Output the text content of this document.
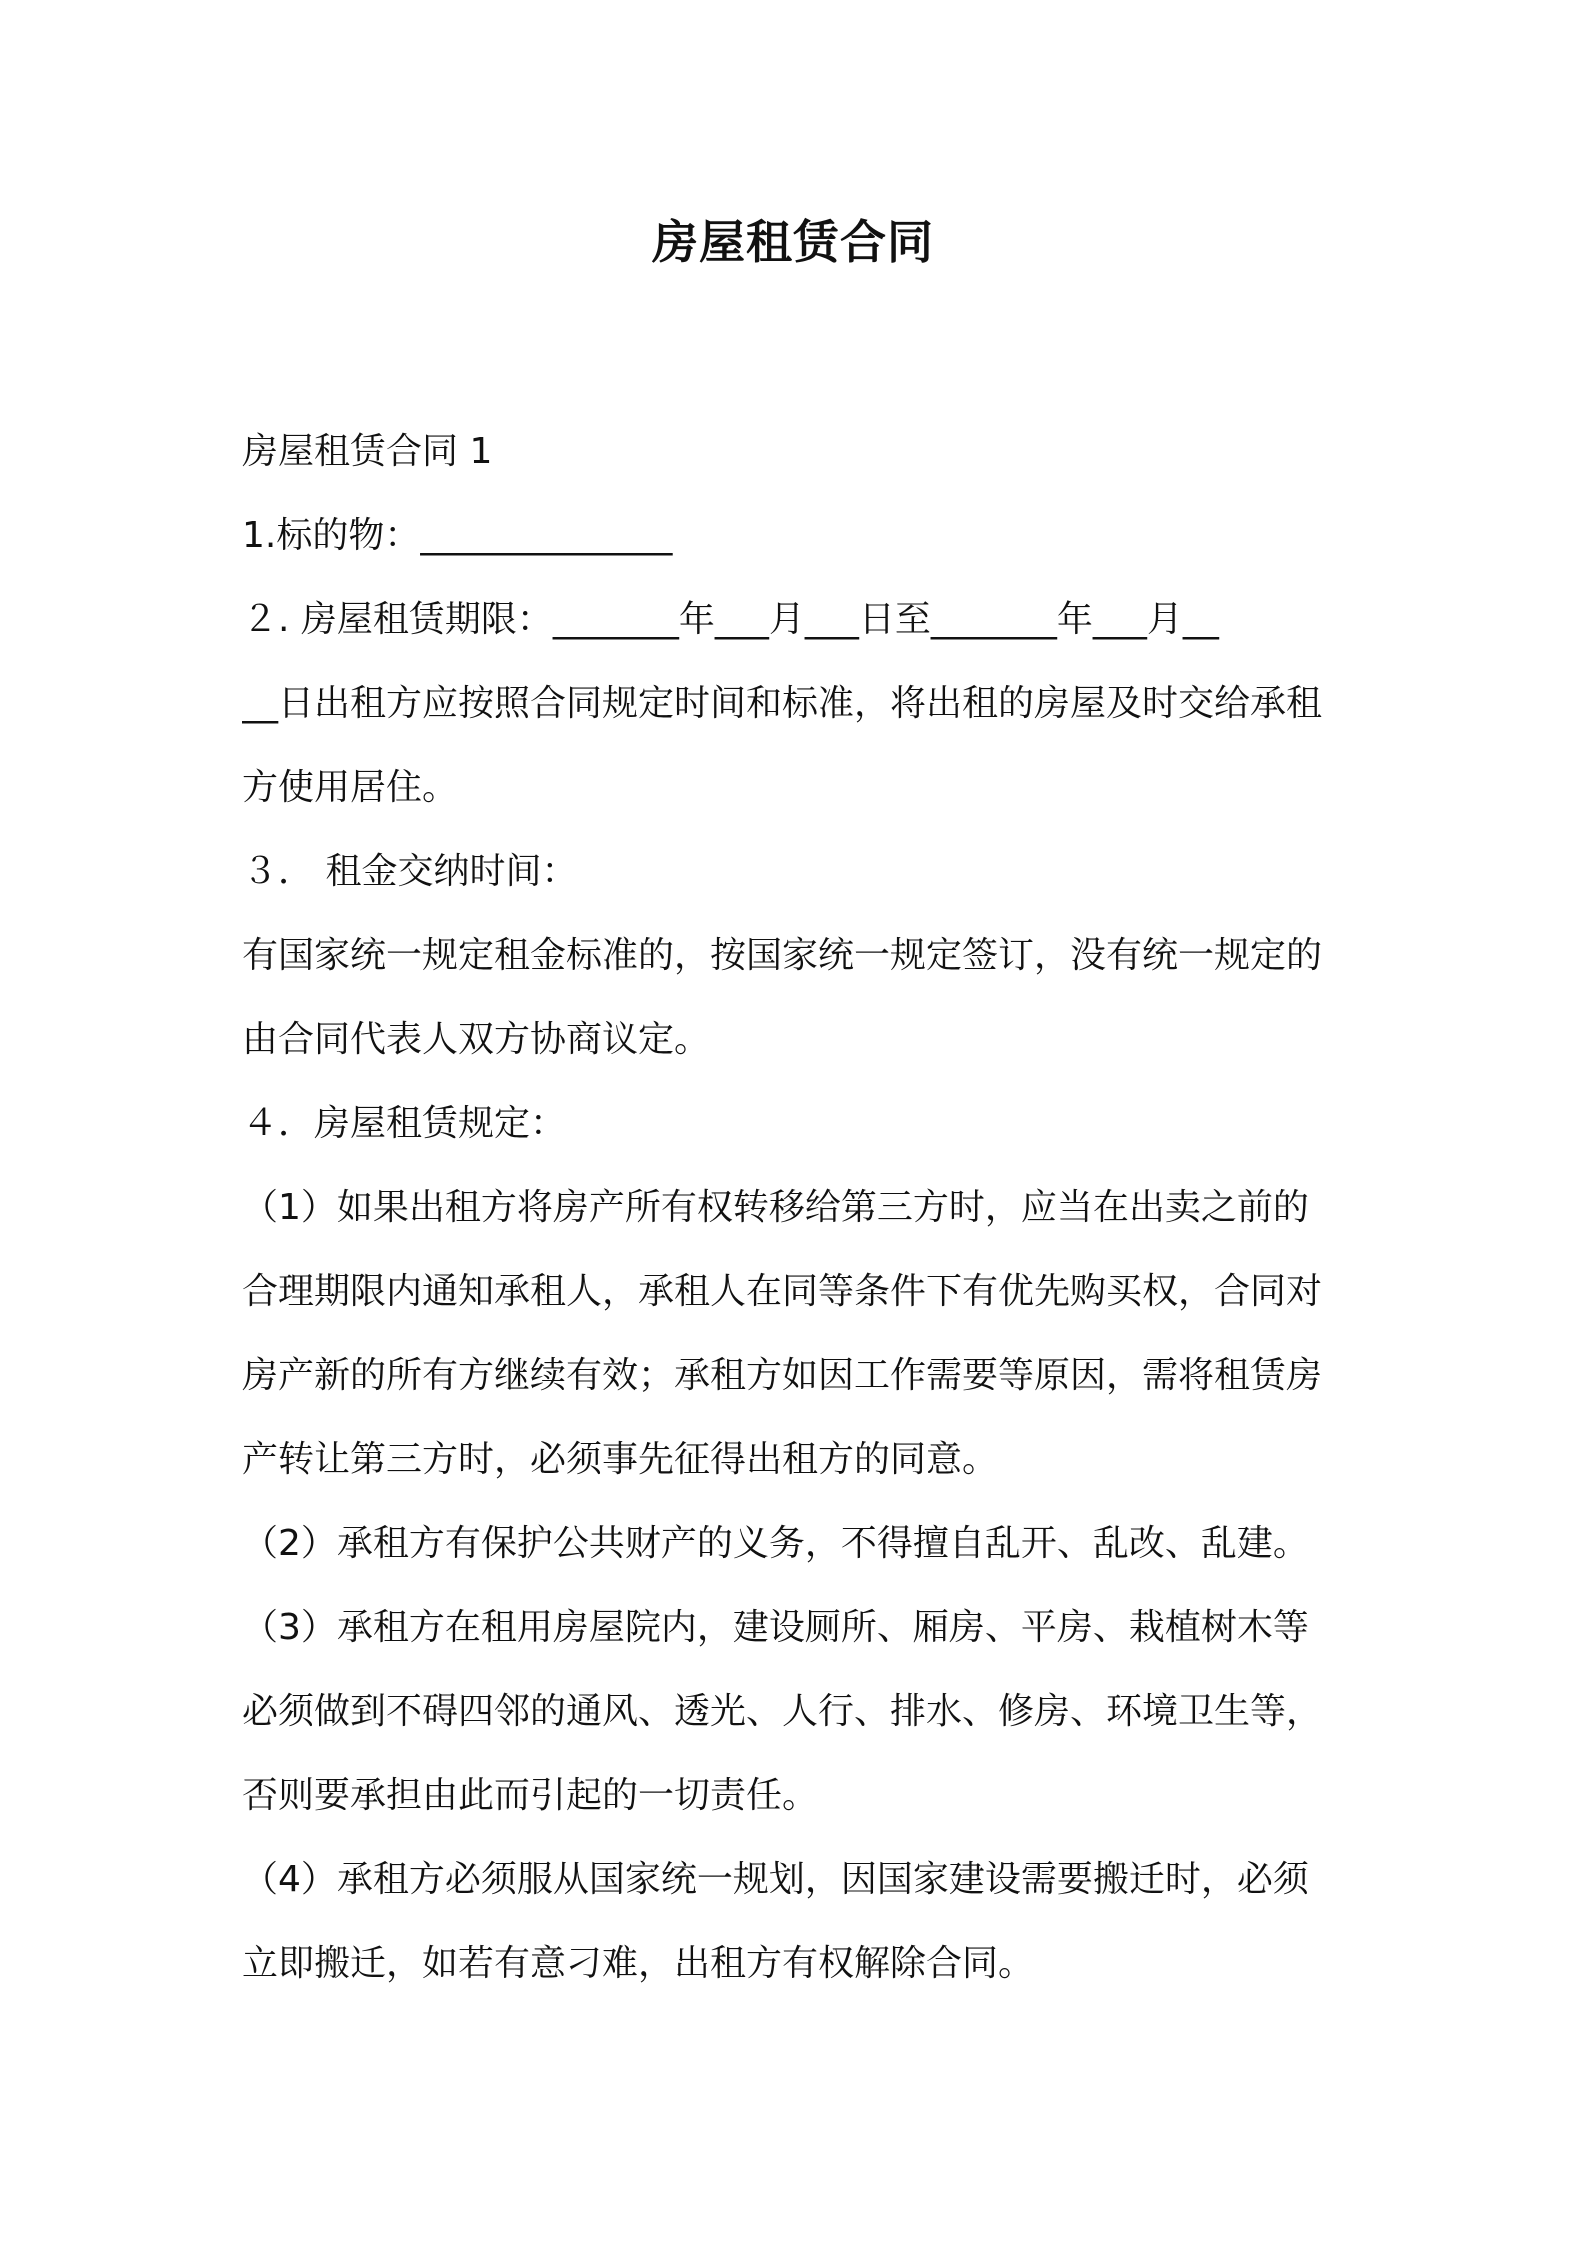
房屋租赁合同
房屋租赁合同 1
1.标的物：______________
２. 房屋租赁期限：_______年___月___日至_______年___月__
__日出租方应按照合同规定时间和标准，将出租的房屋及时交给承租
方使用居住。
３． 租金交纳时间：
有国家统一规定租金标准的，按国家统一规定签订，没有统一规定的
由合同代表人双方协商议定。
４．房屋租赁规定：
（1）如果出租方将房产所有权转移给第三方时，应当在出卖之前的
合理期限内通知承租人，承租人在同等条件下有优先购买权，合同对
房产新的所有方继续有效；承租方如因工作需要等原因，需将租赁房
产转让第三方时，必须事先征得出租方的同意。
（2）承租方有保护公共财产的义务，不得擅自乱开、乱改、乱建。
（3）承租方在租用房屋院内，建设厕所、厢房、平房、栽植树木等
必须做到不碍四邻的通风、透光、人行、排水、修房、环境卫生等，
否则要承担由此而引起的一切责任。
（4）承租方必须服从国家统一规划，因国家建设需要搬迁时，必须
立即搬迁，如若有意刁难，出租方有权解除合同。
